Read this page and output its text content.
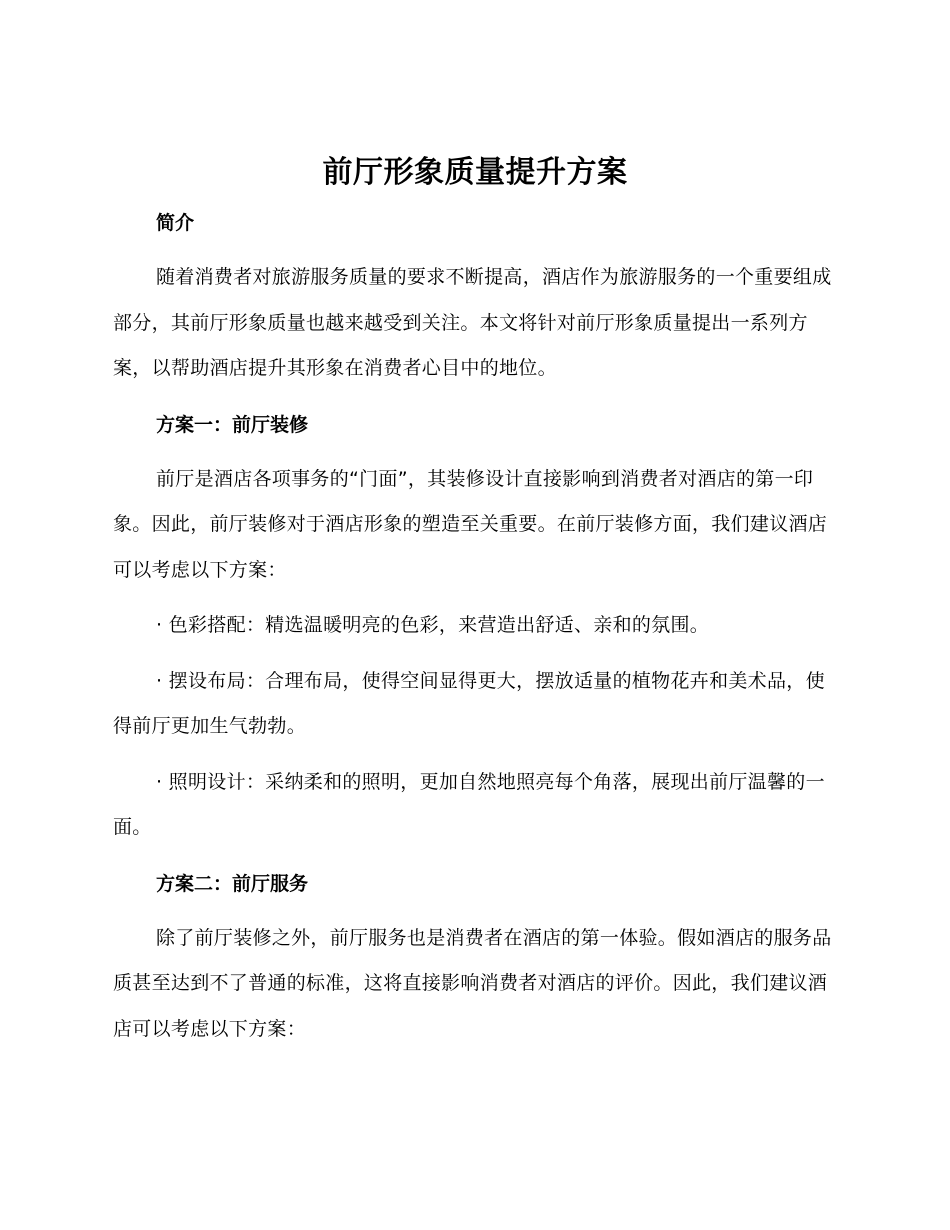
前厅形象质量提升方案

简介

随着消费者对旅游服务质量的要求不断提高，酒店作为旅游服务的一个重要组成部分，其前厅形象质量也越来越受到关注。本文将针对前厅形象质量提出一系列方案，以帮助酒店提升其形象在消费者心目中的地位。

方案一：前厅装修

前厅是酒店各项事务的“门面”，其装修设计直接影响到消费者对酒店的第一印象。因此，前厅装修对于酒店形象的塑造至关重要。在前厅装修方面，我们建议酒店可以考虑以下方案：

· 色彩搭配：精选温暖明亮的色彩，来营造出舒适、亲和的氛围。

· 摆设布局：合理布局，使得空间显得更大，摆放适量的植物花卉和美术品，使得前厅更加生气勃勃。

· 照明设计：采纳柔和的照明，更加自然地照亮每个角落，展现出前厅温馨的一面。

方案二：前厅服务

除了前厅装修之外，前厅服务也是消费者在酒店的第一体验。假如酒店的服务品质甚至达到不了普通的标准，这将直接影响消费者对酒店的评价。因此，我们建议酒店可以考虑以下方案：
